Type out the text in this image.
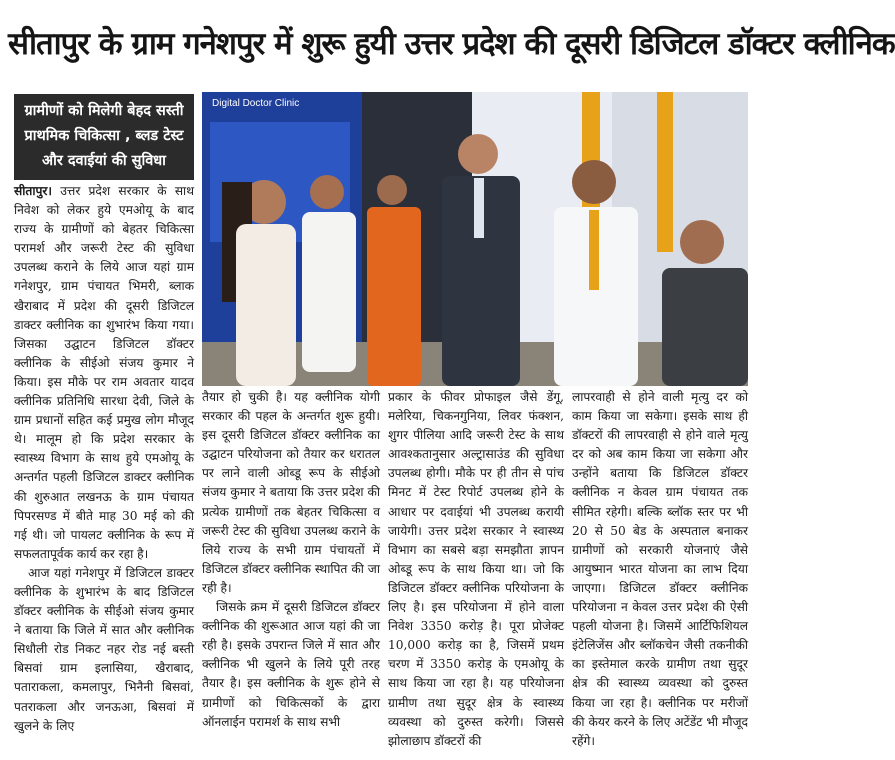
सीतापुर के ग्राम गनेशपुर में शुरू हुयी उत्तर प्रदेश की दूसरी डिजिटल डॉक्टर क्लीनिक
ग्रामीणों को मिलेगी बेहद सस्ती प्राथमिक चिकित्सा , ब्लड टेस्ट और दवाईयां की सुविधा
Digital Doctor Clinic

सीतापुर। उत्तर प्रदेश सरकार के साथ निवेश को लेकर हुये एमओयू के बाद राज्य के ग्रामीणों को बेहतर चिकित्सा परामर्श और जरूरी टेस्ट की सुविधा उपलब्ध कराने के लिये आज यहां ग्राम गनेशपुर, ग्राम पंचायत भिमरी, ब्लाक खैराबाद में प्रदेश की दूसरी डिजिटल डाक्टर क्लीनिक का शुभारंभ किया गया। जिसका उद्घाटन डिजिटल डॉक्टर क्लीनिक के सीईओ संजय कुमार ने किया। इस मौके पर राम अवतार यादव क्लीनिक प्रतिनिधि सारधा देवी, जिले के ग्राम प्रधानों सहित कई प्रमुख लोग मौजूद थे। मालूम हो कि प्रदेश सरकार के स्वास्थ्य विभाग के साथ हुये एमओयू के अन्तर्गत पहली डिजिटल डाक्टर क्लीनिक की शुरुआत लखनऊ के ग्राम पंचायत पिपरसण्ड में बीते माह 30 मई को की गई थी। जो पायलट क्लीनिक के रूप में सफलतापूर्वक कार्य कर रहा है।

आज यहां गनेशपुर में डिजिटल डाक्टर क्लीनिक के शुभारंभ के बाद डिजिटल डॉक्टर क्लीनिक के सीईओ संजय कुमार ने बताया कि जिले में सात और क्लीनिक सिधौली रोड निकट नहर रोड नई बस्ती बिसवां ग्राम इलासिया, खैराबाद, पताराकला, कमलापुर, भिनैनी बिसवां, पतराकला और जनऊआ, बिसवां में खुलने के लिए

तैयार हो चुकी है। यह क्लीनिक योगी सरकार की पहल के अन्तर्गत शुरू हुयी। इस दूसरी डिजिटल डॉक्टर क्लीनिक का उद्घाटन परियोजना को तैयार कर धरातल पर लाने वाली ओब्डू रूप के सीईओ संजय कुमार ने बताया कि उत्तर प्रदेश की प्रत्येक ग्रामीणों तक बेहतर चिकित्सा व जरूरी टेस्ट की सुविधा उपलब्ध कराने के लिये राज्य के सभी ग्राम पंचायतों में डिजिटल डॉक्टर क्लीनिक स्थापित की जा रही है।

जिसके क्रम में दूसरी डिजिटल डॉक्टर क्लीनिक की शुरूआत आज यहां की जा रही है। इसके उपरान्त जिले में सात और क्लीनिक भी खुलने के लिये पूरी तरह तैयार है। इस क्लीनिक के शुरू होने से ग्रामीणों को चिकित्सकों के द्वारा ऑनलाईन परामर्श के साथ सभी

प्रकार के फीवर प्रोफाइल जैसे डेंगू, मलेरिया, चिकनगुनिया, लिवर फंक्शन, शुगर पीलिया आदि जरूरी टेस्ट के साथ आवश्कतानुसार अल्ट्रासाउंड की सुविधा उपलब्ध होगी। मौके पर ही तीन से पांच मिनट में टेस्ट रिपोर्ट उपलब्ध होने के आधार पर दवाईयां भी उपलब्ध करायी जायेगी। उत्तर प्रदेश सरकार ने स्वास्थ्य विभाग का सबसे बड़ा समझौता ज्ञापन ओब्डू रूप के साथ किया था। जो कि डिजिटल डॉक्टर क्लीनिक परियोजना के लिए है। इस परियोजना में होने वाला निवेश 3350 करोड़ है। पूरा प्रोजेक्ट 10,000 करोड़ का है, जिसमें प्रथम चरण में 3350 करोड़ के एमओयू के साथ किया जा रहा है। यह परियोजना ग्रामीण तथा सुदूर क्षेत्र के स्वास्थ्य व्यवस्था को दुरुस्त करेगी। जिससे झोलाछाप डॉक्टरों की

लापरवाही से होने वाली मृत्यु दर को काम किया जा सकेगा। इसके साथ ही डॉक्टरों की लापरवाही से होने वाले मृत्यु दर को अब काम किया जा सकेगा और उन्होंने बताया कि डिजिटल डॉक्टर क्लीनिक न केवल ग्राम पंचायत तक सीमित रहेगी। बल्कि ब्लॉक स्तर पर भी 20 से 50 बेड के अस्पताल बनाकर ग्रामीणों को सरकारी योजनाएं जैसे आयुष्मान भारत योजना का लाभ दिया जाएगा। डिजिटल डॉक्टर क्लीनिक परियोजना न केवल उत्तर प्रदेश की ऐसी पहली योजना है। जिसमें आर्टिफिशियल इंटेलिजेंस और ब्लॉकचेन जैसी तकनीकी का इस्तेमाल करके ग्रामीण तथा सुदूर क्षेत्र की स्वास्थ्य व्यवस्था को दुरुस्त किया जा रहा है। क्लीनिक पर मरीजों की केयर करने के लिए अटेंडेंट भी मौजूद रहेंगे।
